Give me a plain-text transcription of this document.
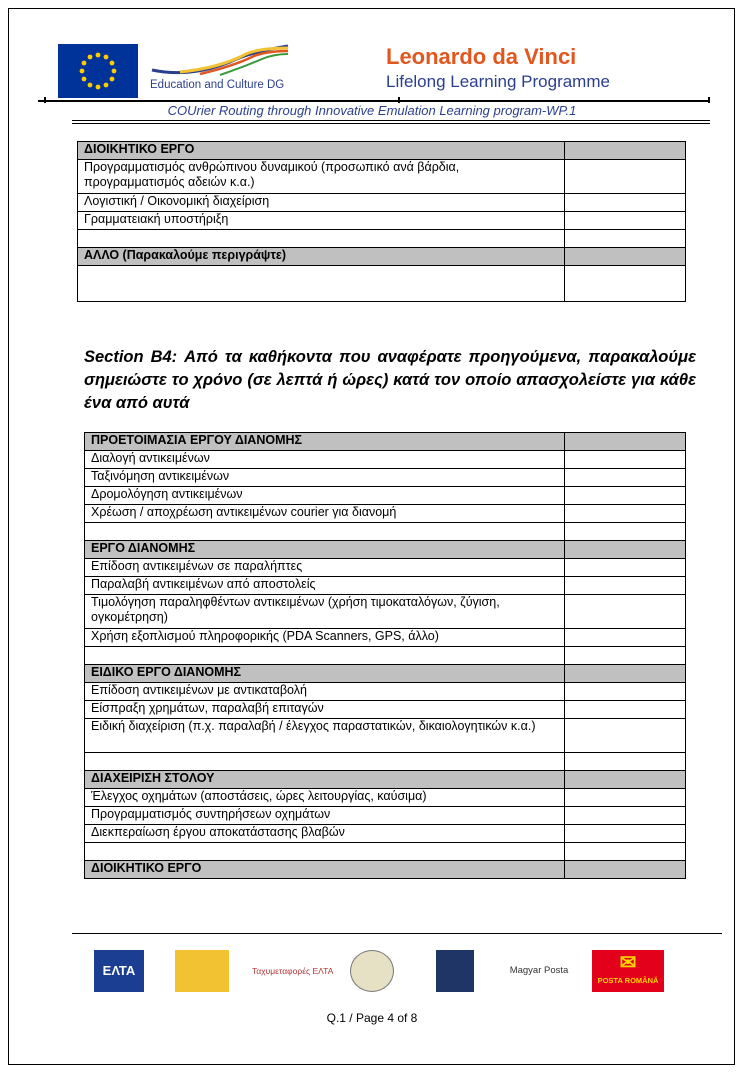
Education and Culture DG
Leonardo da Vinci
Lifelong Learning Programme
COUrier Routing through Innovative Emulation Learning program-WP.1
ΔΙΟΙΚΗΤΙΚΟ ΕΡΓΟ	
Προγραμματισμός ανθρώπινου δυναμικού (προσωπικό ανά βάρδια, προγραμματισμός αδειών κ.α.)	
Λογιστική / Οικονομική διαχείριση	
Γραμματειακή υποστήριξη	

ΑΛΛΟ (Παρακαλούμε περιγράψτε)	

Section B4: Από τα καθήκοντα που αναφέρατε προηγούμενα, παρακαλούμε σημειώστε το χρόνο (σε λεπτά ή ώρες) κατά τον οποίο απασχολείστε για κάθε ένα από αυτά
ΠΡΟΕΤΟΙΜΑΣΙΑ ΕΡΓΟΥ ΔΙΑΝΟΜΗΣ	
Διαλογή αντικειμένων	
Ταξινόμηση αντικειμένων	
Δρομολόγηση αντικειμένων	
Χρέωση / αποχρέωση αντικειμένων courier για διανομή	

ΕΡΓΟ ΔΙΑΝΟΜΗΣ	
Επίδοση αντικειμένων σε παραλήπτες	
Παραλαβή αντικειμένων από αποστολείς	
Τιμολόγηση παραληφθέντων αντικειμένων (χρήση τιμοκαταλόγων, ζύγιση, ογκομέτρηση)	
Χρήση εξοπλισμού πληροφορικής (PDA Scanners, GPS, άλλο)	

ΕΙΔΙΚΟ ΕΡΓΟ ΔΙΑΝΟΜΗΣ	
Επίδοση αντικειμένων με αντικαταβολή	
Είσπραξη χρημάτων, παραλαβή επιταγών	
Ειδική διαχείριση (π.χ. παραλαβή / έλεγχος παραστατικών, δικαιολογητικών κ.α.)	

ΔΙΑΧΕΙΡΙΣΗ ΣΤΟΛΟΥ	
Έλεγχος οχημάτων (αποστάσεις, ώρες λειτουργίας, καύσιμα)	
Προγραμματισμός συντηρήσεων οχημάτων	
Διεκπεραίωση έργου αποκατάστασης βλαβών	

ΔΙΟΙΚΗΤΙΚΟ ΕΡΓΟ	
ΕΛΤΑ	Ταχυμεταφορές ΕΛΤΑ	Magyar Posta	✉
POSTA ROMÂNĂ
Q.1 / Page 4 of 8
